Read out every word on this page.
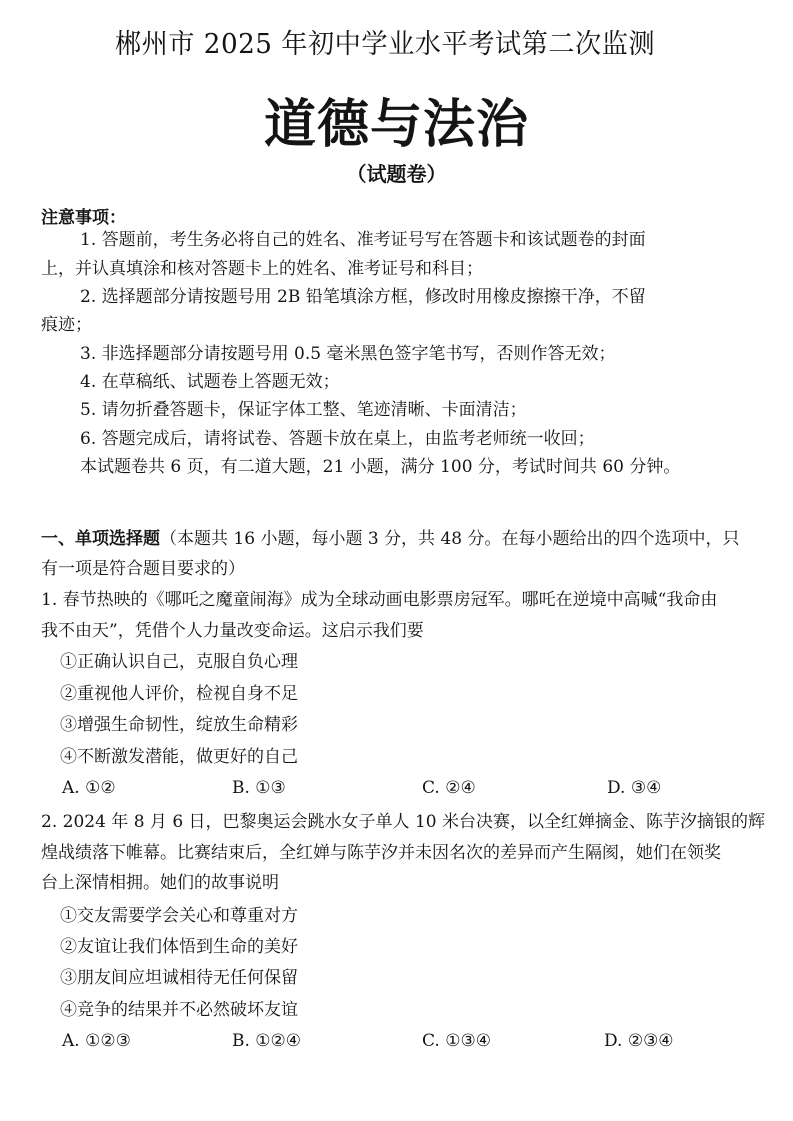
郴州市 2025 年初中学业水平考试第二次监测
道德与法治
（试题卷）
注意事项：
1. 答题前，考生务必将自己的姓名、准考证号写在答题卡和该试题卷的封面
上，并认真填涂和核对答题卡上的姓名、准考证号和科目；
2. 选择题部分请按题号用 2B 铅笔填涂方框，修改时用橡皮擦擦干净，不留
痕迹；
3. 非选择题部分请按题号用 0.5 毫米黑色签字笔书写，否则作答无效；
4. 在草稿纸、试题卷上答题无效；
5. 请勿折叠答题卡，保证字体工整、笔迹清晰、卡面清洁；
6. 答题完成后，请将试卷、答题卡放在桌上，由监考老师统一收回；
本试题卷共 6 页，有二道大题，21 小题，满分 100 分，考试时间共 60 分钟。
一、单项选择题（本题共 16 小题，每小题 3 分，共 48 分。在每小题给出的四个选项中，只
有一项是符合题目要求的）
1. 春节热映的《哪吒之魔童闹海》成为全球动画电影票房冠军。哪吒在逆境中高喊“我命由
我不由天”，凭借个人力量改变命运。这启示我们要
①正确认识自己，克服自负心理
②重视他人评价，检视自身不足
③增强生命韧性，绽放生命精彩
④不断激发潜能，做更好的自己
A. ①②	B. ①③	C. ②④	D. ③④
2. 2024 年 8 月 6 日，巴黎奥运会跳水女子单人 10 米台决赛，以全红婵摘金、陈芋汐摘银的辉
煌战绩落下帷幕。比赛结束后，全红婵与陈芋汐并未因名次的差异而产生隔阂，她们在领奖
台上深情相拥。她们的故事说明
①交友需要学会关心和尊重对方
②友谊让我们体悟到生命的美好
③朋友间应坦诚相待无任何保留
④竞争的结果并不必然破坏友谊
A. ①②③	B. ①②④	C. ①③④	D. ②③④
